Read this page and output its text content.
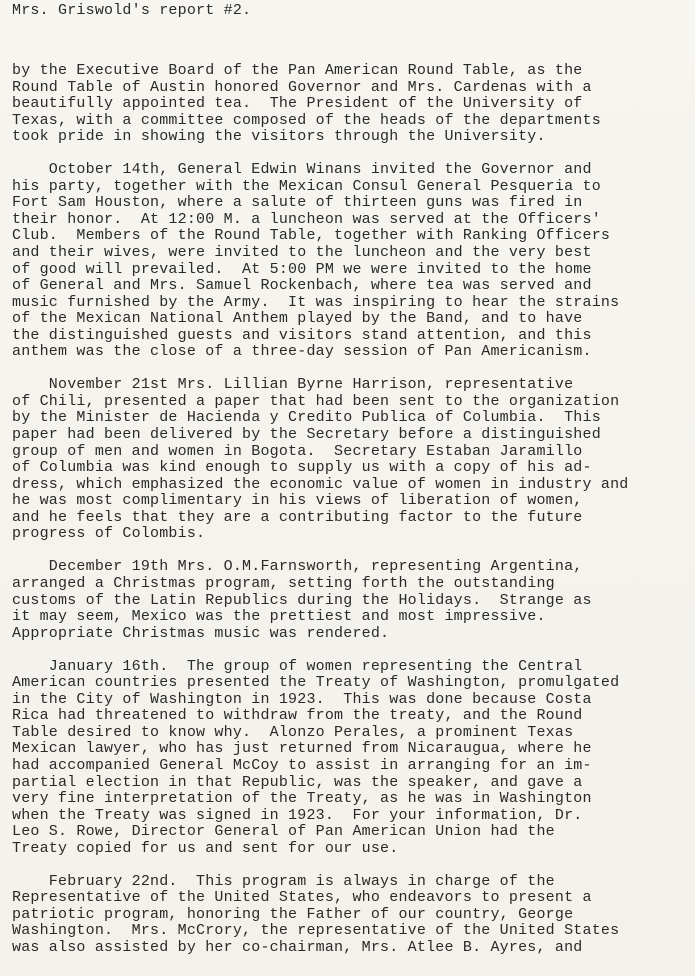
Mrs. Griswold's report #2.
by the Executive Board of the Pan American Round Table, as the
Round Table of Austin honored Governor and Mrs. Cardenas with a
beautifully appointed tea.  The President of the University of
Texas, with a committee composed of the heads of the departments
took pride in showing the visitors through the University.
October 14th, General Edwin Winans invited the Governor and
his party, together with the Mexican Consul General Pesqueria to
Fort Sam Houston, where a salute of thirteen guns was fired in
their honor.  At 12:00 M. a luncheon was served at the Officers'
Club.  Members of the Round Table, together with Ranking Officers
and their wives, were invited to the luncheon and the very best
of good will prevailed.  At 5:00 PM we were invited to the home
of General and Mrs. Samuel Rockenbach, where tea was served and
music furnished by the Army.  It was inspiring to hear the strains
of the Mexican National Anthem played by the Band, and to have
the distinguished guests and visitors stand attention, and this
anthem was the close of a three-day session of Pan Americanism.
November 21st Mrs. Lillian Byrne Harrison, representative
of Chili, presented a paper that had been sent to the organization
by the Minister de Hacienda y Credito Publica of Columbia.  This
paper had been delivered by the Secretary before a distinguished
group of men and women in Bogota.  Secretary Estaban Jaramillo
of Columbia was kind enough to supply us with a copy of his ad-
dress, which emphasized the economic value of women in industry and
he was most complimentary in his views of liberation of women,
and he feels that they are a contributing factor to the future
progress of Colombis.
December 19th Mrs. O.M.Farnsworth, representing Argentina,
arranged a Christmas program, setting forth the outstanding
customs of the Latin Republics during the Holidays.  Strange as
it may seem, Mexico was the prettiest and most impressive.
Appropriate Christmas music was rendered.
January 16th.  The group of women representing the Central
American countries presented the Treaty of Washington, promulgated
in the City of Washington in 1923.  This was done because Costa
Rica had threatened to withdraw from the treaty, and the Round
Table desired to know why.  Alonzo Perales, a prominent Texas
Mexican lawyer, who has just returned from Nicaraugua, where he
had accompanied General McCoy to assist in arranging for an im-
partial election in that Republic, was the speaker, and gave a
very fine interpretation of the Treaty, as he was in Washington
when the Treaty was signed in 1923.  For your information, Dr.
Leo S. Rowe, Director General of Pan American Union had the
Treaty copied for us and sent for our use.
February 22nd.  This program is always in charge of the
Representative of the United States, who endeavors to present a
patriotic program, honoring the Father of our country, George
Washington.  Mrs. McCrory, the representative of the United States
was also assisted by her co-chairman, Mrs. Atlee B. Ayres, and
